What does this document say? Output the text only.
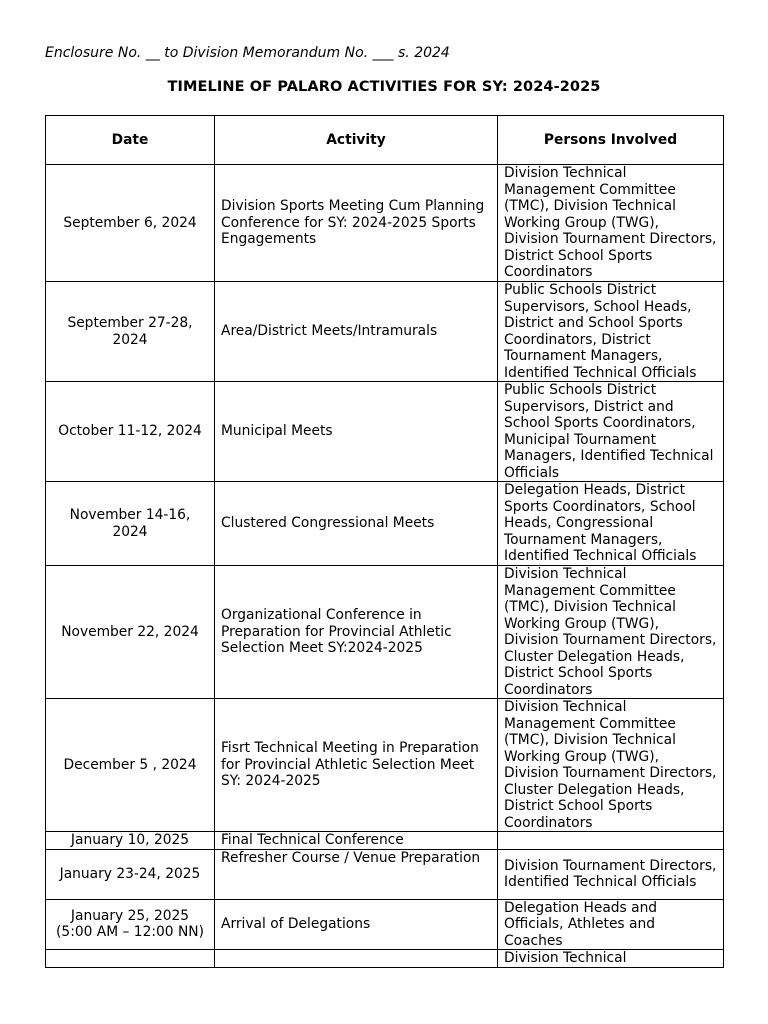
Enclosure No. __ to Division Memorandum No. ___ s. 2024

TIMELINE OF PALARO ACTIVITIES FOR SY: 2024-2025

Date	Activity	Persons Involved
September 6, 2024	Division Sports Meeting Cum Planning Conference for SY: 2024-2025 Sports Engagements	Division Technical Management Committee (TMC), Division Technical Working Group (TWG), Division Tournament Directors, District School Sports Coordinators
September 27-28, 2024	Area/District Meets/Intramurals	Public Schools District Supervisors, School Heads, District and School Sports Coordinators, District Tournament Managers, Identified Technical Officials
October 11-12, 2024	Municipal Meets	Public Schools District Supervisors, District and School Sports Coordinators, Municipal Tournament Managers, Identified Technical Officials
November 14-16, 2024	Clustered Congressional Meets	Delegation Heads, District Sports Coordinators, School Heads, Congressional Tournament Managers, Identified Technical Officials
November 22, 2024	Organizational Conference in Preparation for Provincial Athletic Selection Meet SY:2024-2025	Division Technical Management Committee (TMC), Division Technical Working Group (TWG), Division Tournament Directors, Cluster Delegation Heads, District School Sports Coordinators
December 5 , 2024	Fisrt Technical Meeting in Preparation for Provincial Athletic Selection Meet SY: 2024-2025	Division Technical Management Committee (TMC), Division Technical Working Group (TWG), Division Tournament Directors, Cluster Delegation Heads, District School Sports Coordinators
January 10, 2025	Final Technical Conference	
January 23-24, 2025	Refresher Course / Venue Preparation	Division Tournament Directors, Identified Technical Officials
January 25, 2025
(5:00 AM – 12:00 NN)	Arrival of Delegations	Delegation Heads and Officials, Athletes and Coaches
		Division Technical
